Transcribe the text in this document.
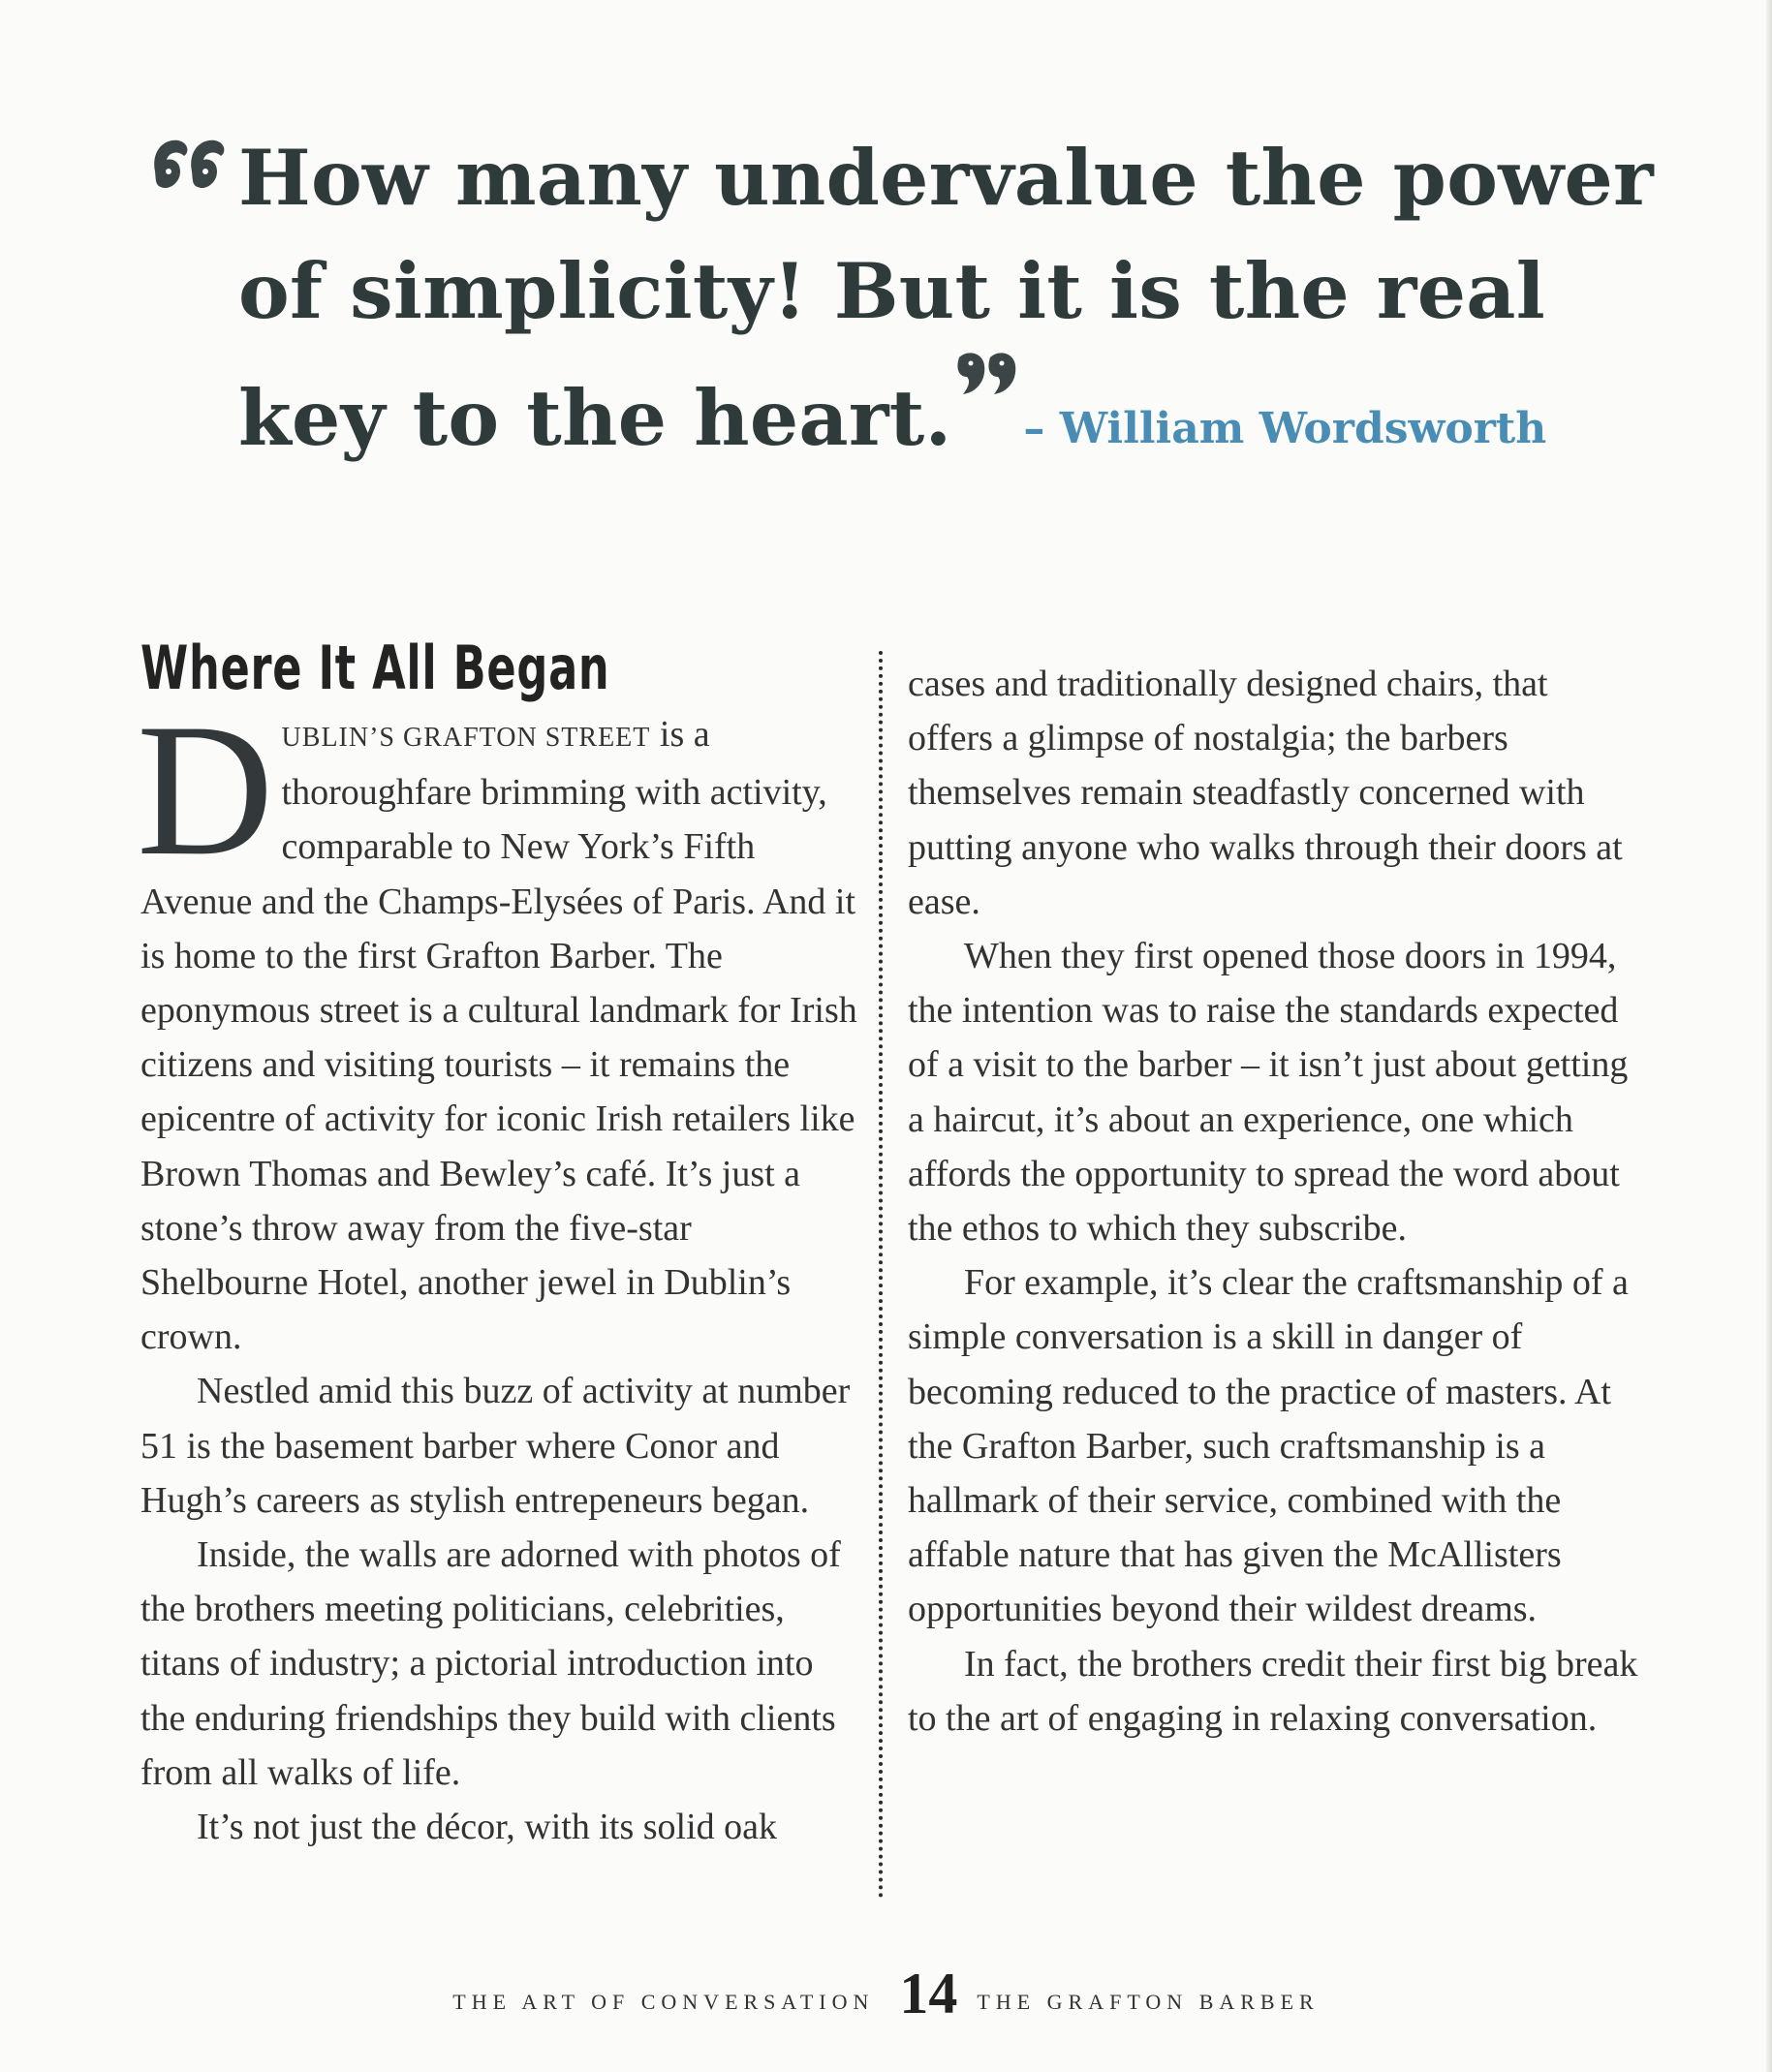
How many undervalue the power of simplicity! But it is the real key to the heart. – William Wordsworth
Where It All Began

DUBLIN’S GRAFTON STREET is a thoroughfare brimming with activity, comparable to New York’s Fifth Avenue and the Champs-Elysées of Paris. And it is home to the first Grafton Barber. The eponymous street is a cultural landmark for Irish citizens and visiting tourists – it remains the epicentre of activity for iconic Irish retailers like Brown Thomas and Bewley’s café. It’s just a stone’s throw away from the five-star Shelbourne Hotel, another jewel in Dublin’s crown.

Nestled amid this buzz of activity at number 51 is the basement barber where Conor and Hugh’s careers as stylish entrepeneurs began.

Inside, the walls are adorned with photos of the brothers meeting politicians, celebrities, titans of industry; a pictorial introduction into the enduring friendships they build with clients from all walks of life.

It’s not just the décor, with its solid oak

cases and traditionally designed chairs, that offers a glimpse of nostalgia; the barbers themselves remain steadfastly concerned with putting anyone who walks through their doors at ease.

When they first opened those doors in 1994, the intention was to raise the standards expected of a visit to the barber – it isn’t just about getting a haircut, it’s about an experience, one which affords the opportunity to spread the word about the ethos to which they subscribe.

For example, it’s clear the craftsmanship of a simple conversation is a skill in danger of becoming reduced to the practice of masters. At the Grafton Barber, such craftsmanship is a hallmark of their service, combined with the affable nature that has given the McAllisters opportunities beyond their wildest dreams.

In fact, the brothers credit their first big break to the art of engaging in relaxing conversation.

THE ART OF CONVERSATION 14 THE GRAFTON BARBER
